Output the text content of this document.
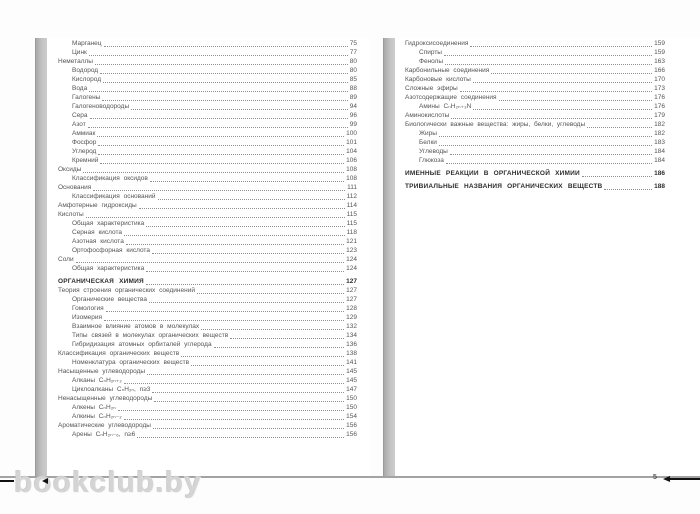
Марганец	75
Цинк	77
Неметаллы	80
Водород	80
Кислород	85
Вода	88
Галогены	89
Галогеноводороды	94
Сера	96
Азот	99
Аммиак	100
Фосфор	101
Углерод	104
Кремний	106
Оксиды	108
Классификация оксидов	108
Основания	111
Классификация оснований	112
Амфотерные гидроксиды	114
Кислоты	115
Общая характеристика	115
Серная кислота	118
Азотная кислота	121
Ортофосфорная кислота	123
Соли	124
Общая характеристика	124
ОРГАНИЧЕСКАЯ ХИМИЯ	127
Теория строения органических соединений	127
Органические вещества	127
Гомология	128
Изомерия	129
Взаимное влияние атомов в молекулах	132
Типы связей в молекулах органических веществ	134
Гибридизация атомных орбиталей углерода	136
Классификация органических веществ	138
Номенклатура органических веществ	141
Насыщенные углеводороды	145
Алканы CₙH₂ₙ₊₂	145
Циклоалканы CₙH₂ₙ, n≥3	147
Ненасыщенные углеводороды	150
Алкены CₙH₂ₙ	150
Алкины CₙH₂ₙ₋₂	154
Ароматические углеводороды	156
Арены CₙH₂ₙ₋₆, n≥6	156
Гидроксисоединения	159
Спирты	159
Фенолы	163
Карбонильные соединения	166
Карбоновые кислоты	170
Сложные эфиры	173
Азотсодержащие соединения	176
Амины CₙH₂ₙ₊₃N	176
Аминокислоты	179
Биологически важные вещества: жиры, белки, углеводы	182
Жиры	182
Белки	183
Углеводы	184
Глюкоза	184
ИМЕННЫЕ РЕАКЦИИ В ОРГАНИЧЕСКОЙ ХИМИИ	186
ТРИВИАЛЬНЫЕ НАЗВАНИЯ ОРГАНИЧЕСКИХ ВЕЩЕСТВ	188
bookclub.by	5
